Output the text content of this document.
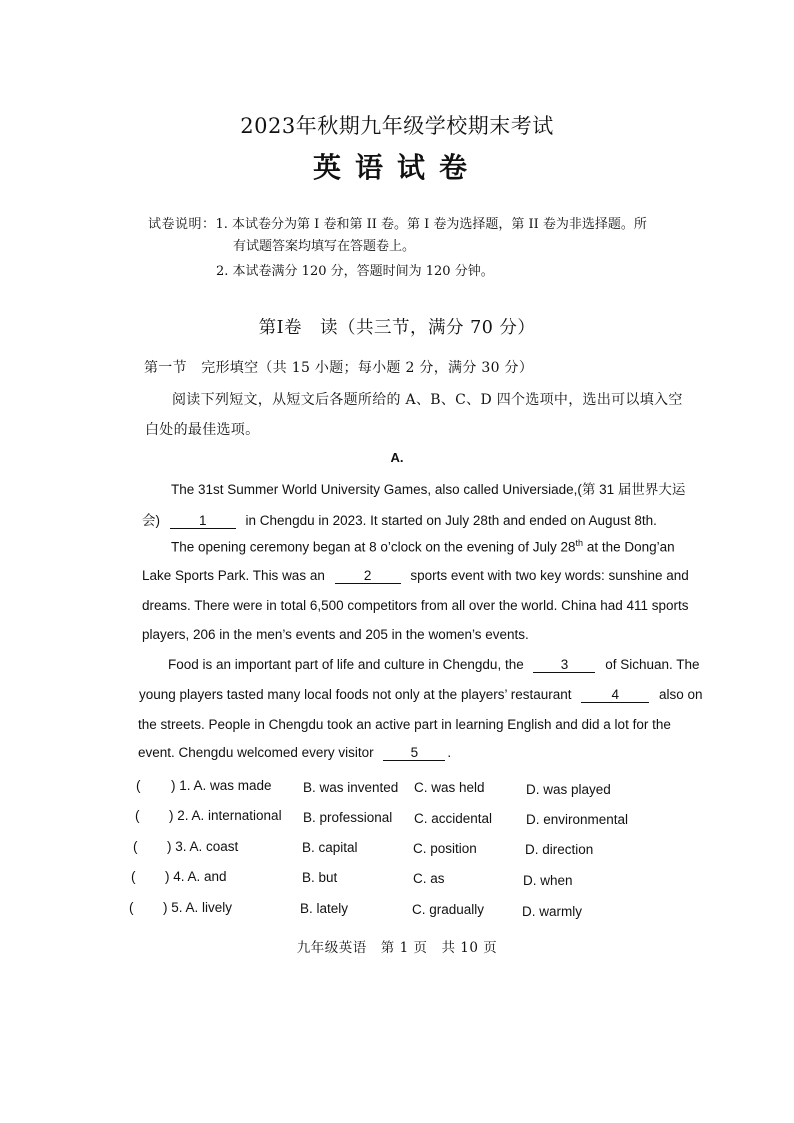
2023年秋期九年级学校期末考试
英语试卷
试卷说明：1. 本试卷分为第 I 卷和第 II 卷。第 I 卷为选择题，第 II 卷为非选择题。所
有试题答案均填写在答题卷上。
2. 本试卷满分 120 分，答题时间为 120 分钟。
第Ⅰ卷　读（共三节，满分 70 分）
第一节　完形填空（共 15 小题；每小题 2 分，满分 30 分）
阅读下列短文，从短文后各题所给的 A、B、C、D 四个选项中，选出可以填入空
白处的最佳选项。
A.
The 31st Summer World University Games, also called Universiade,(第 31 届世界大运
会)	1	in Chengdu in 2023. It started on July 28th and ended on August 8th.
The opening ceremony began at 8 o’clock on the evening of July 28th at the Dong’an
Lake Sports Park. This was an	2	sports event with two key words: sunshine and
dreams. There were in total 6,500 competitors from all over the world. China had 411 sports
players, 206 in the men’s events and 205 in the women’s events.
Food is an important part of life and culture in Chengdu, the	3	of Sichuan. The
young players tasted many local foods not only at the players’ restaurant	4	also on
the streets. People in Chengdu took an active part in learning English and did a lot for the
event. Chengdu welcomed every visitor	5 .
( ) 1. A. was made B. was invented C. was held	D. was played
( ) 2. A. international B. professional C. accidental	D. environmental
( ) 3. A. coast	B. capital	C. position	D. direction
( ) 4. A. and	B. but	C. as	D. when
( ) 5. A. lively	B. lately	C. gradually	D. warmly
九年级英语　第 1 页　共 10 页
